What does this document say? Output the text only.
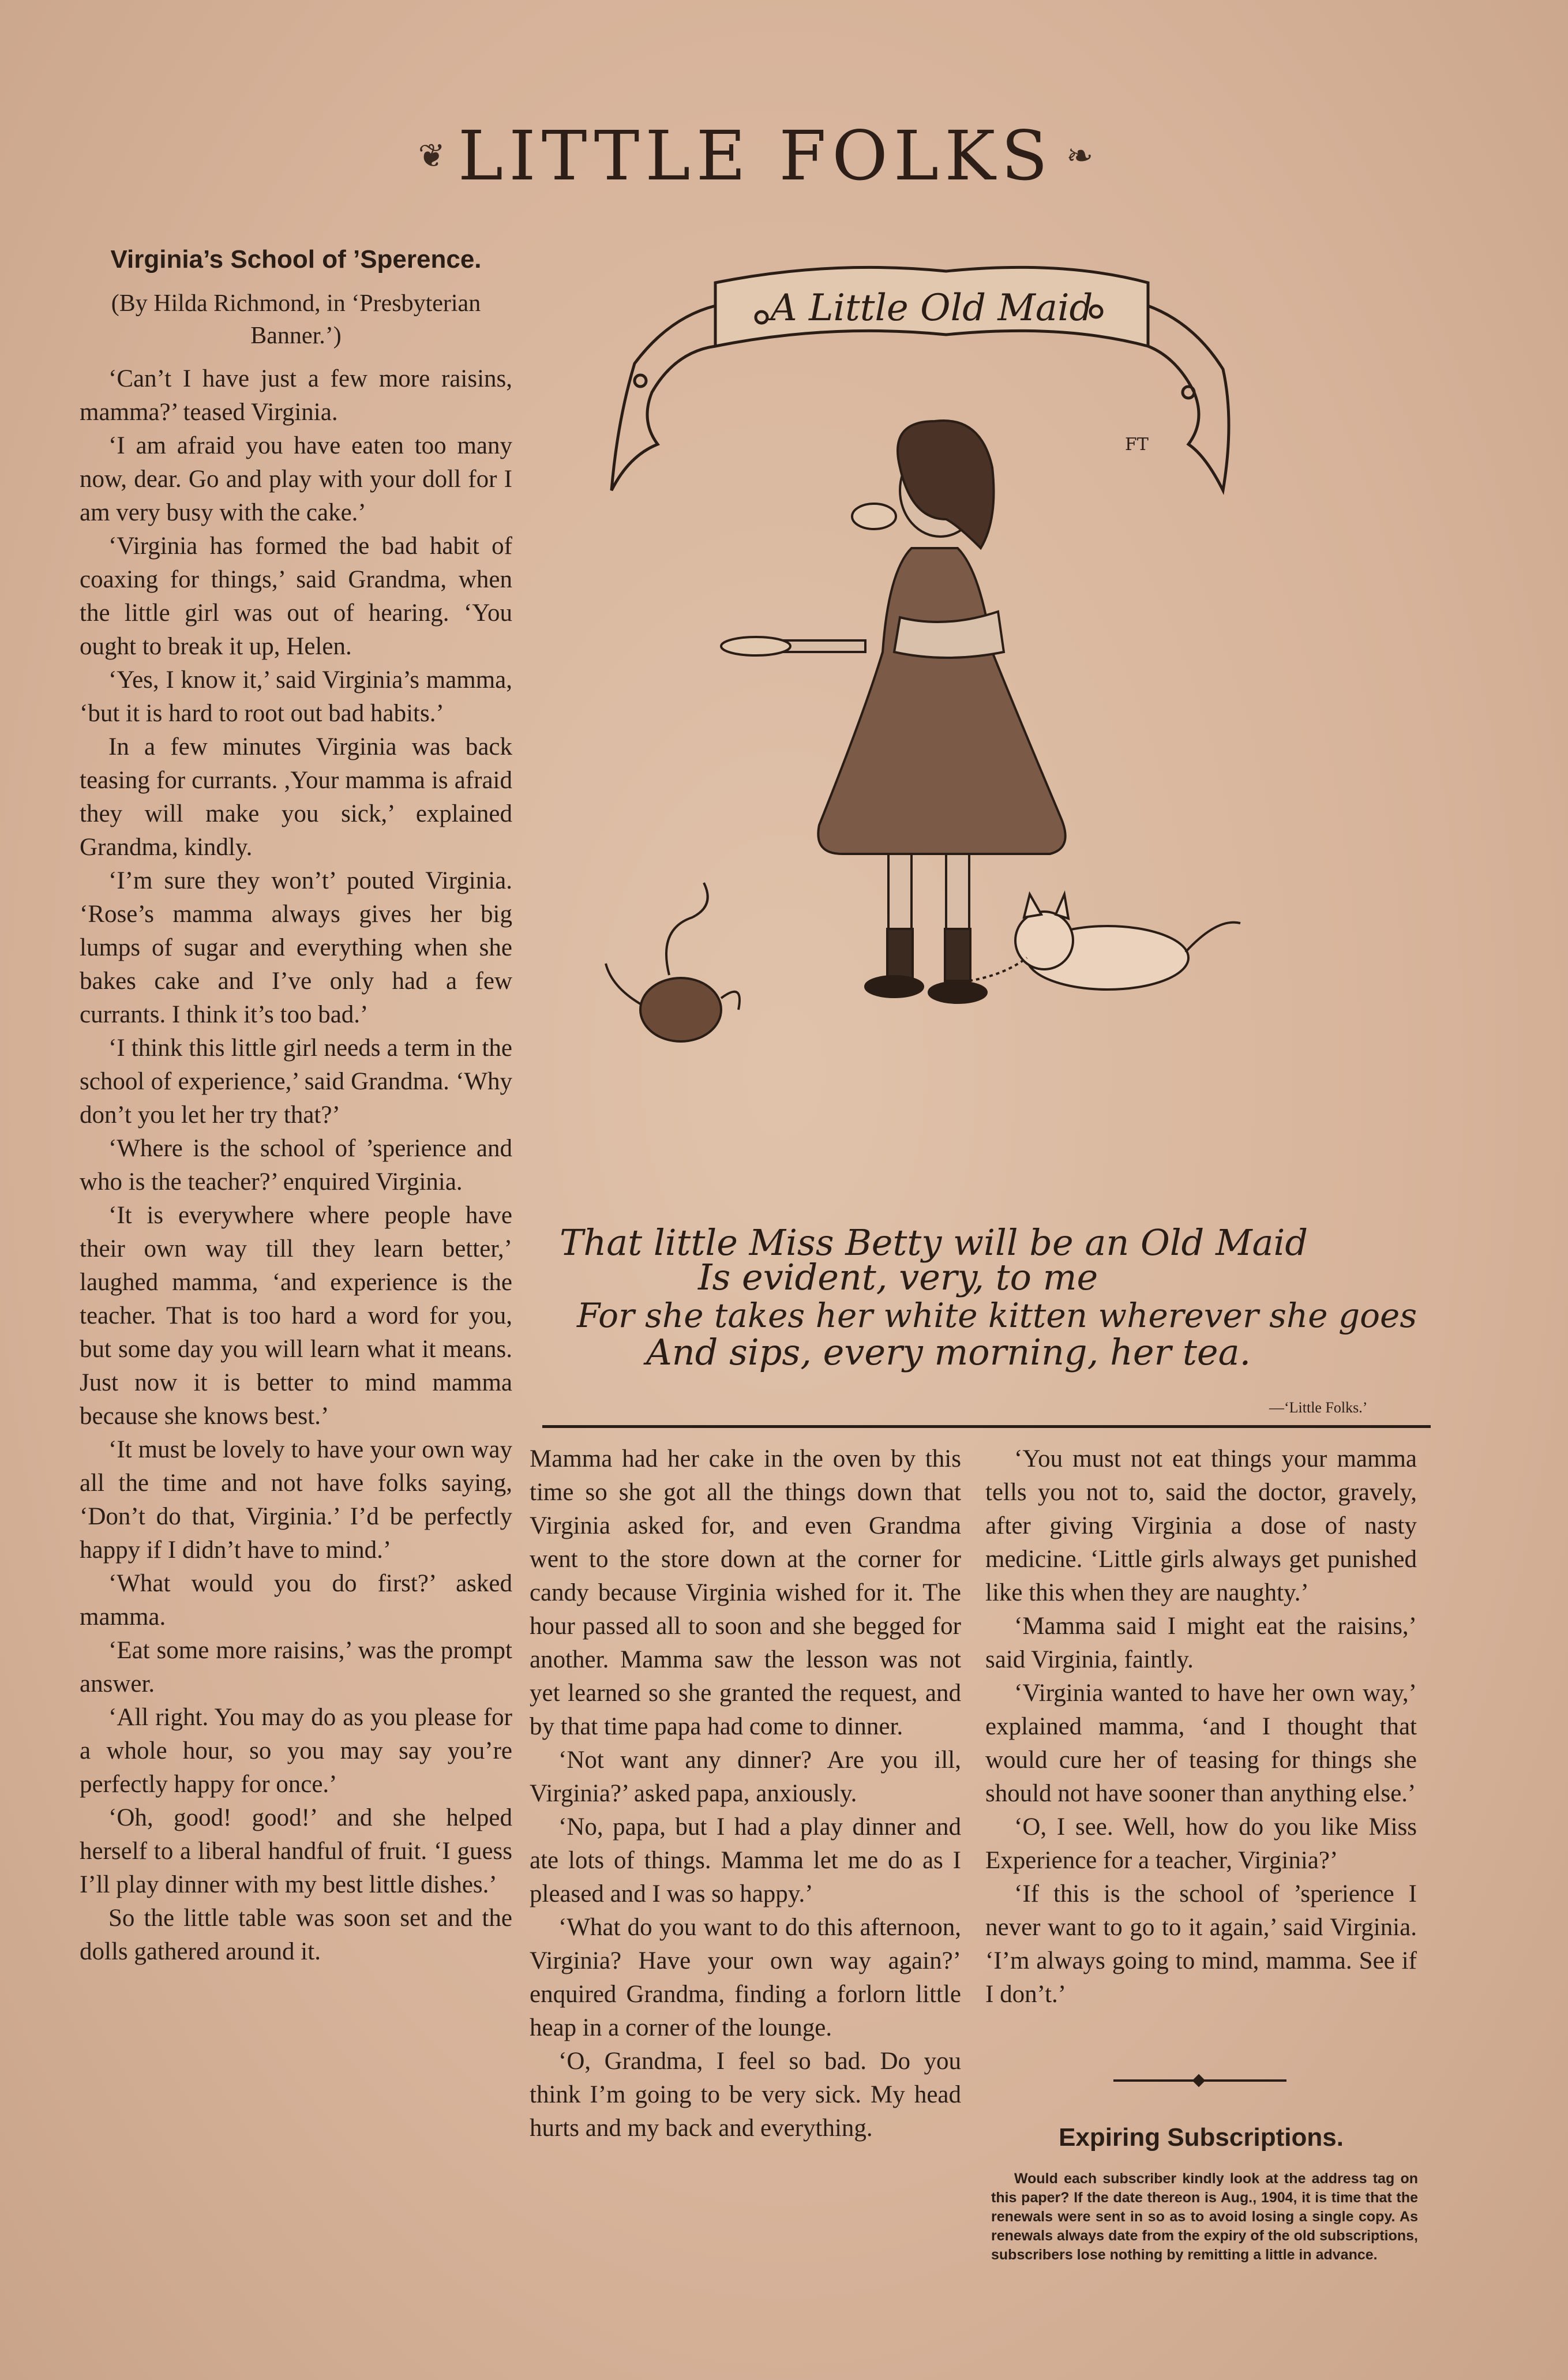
❦ LITTLE FOLKS ❧
Virginia’s School of ’Sperence.
(By Hilda Richmond, in ‘Presbyterian Banner.’)

‘Can’t I have just a few more raisins, mamma?’ teased Virginia.

‘I am afraid you have eaten too many now, dear. Go and play with your doll for I am very busy with the cake.’

‘Virginia has formed the bad habit of coaxing for things,’ said Grandma, when the little girl was out of hearing. ‘You ought to break it up, Helen.

‘Yes, I know it,’ said Virginia’s mamma, ‘but it is hard to root out bad habits.’

In a few minutes Virginia was back teasing for currants. ,Your mamma is afraid they will make you sick,’ explained Grandma, kindly.

‘I’m sure they won’t’ pouted Virginia. ‘Rose’s mamma always gives her big lumps of sugar and everything when she bakes cake and I’ve only had a few currants. I think it’s too bad.’

‘I think this little girl needs a term in the school of experience,’ said Grandma. ‘Why don’t you let her try that?’

‘Where is the school of ’sperience and who is the teacher?’ enquired Virginia.

‘It is everywhere where people have their own way till they learn better,’ laughed mamma, ‘and experience is the teacher. That is too hard a word for you, but some day you will learn what it means. Just now it is better to mind mamma because she knows best.’

‘It must be lovely to have your own way all the time and not have folks saying, ‘Don’t do that, Virginia.’ I’d be perfectly happy if I didn’t have to mind.’

‘What would you do first?’ asked mamma.

‘Eat some more raisins,’ was the prompt answer.

‘All right. You may do as you please for a whole hour, so you may say you’re perfectly happy for once.’

‘Oh, good! good!’ and she helped herself to a liberal handful of fruit. ‘I guess I’ll play dinner with my best little dishes.’

So the little table was soon set and the dolls gathered around it.

A Little Old Maid
FT
That little Miss Betty will be an Old Maid
Is evident, very, to me
For she takes her white kitten wherever she goes
And sips, every morning, her tea.
—‘Little Folks.’

Mamma had her cake in the oven by this time so she got all the things down that Virginia asked for, and even Grandma went to the store down at the corner for candy because Virginia wished for it. The hour passed all to soon and she begged for another. Mamma saw the lesson was not yet learned so she granted the request, and by that time papa had come to dinner.

‘Not want any dinner? Are you ill, Virginia?’ asked papa, anxiously.

‘No, papa, but I had a play dinner and ate lots of things. Mamma let me do as I pleased and I was so happy.’

‘What do you want to do this afternoon, Virginia? Have your own way again?’ enquired Grandma, finding a forlorn little heap in a corner of the lounge.

‘O, Grandma, I feel so bad. Do you think I’m going to be very sick. My head hurts and my back and everything.

‘You must not eat things your mamma tells you not to, said the doctor, gravely, after giving Virginia a dose of nasty medicine. ‘Little girls always get punished like this when they are naughty.’

‘Mamma said I might eat the raisins,’ said Virginia, faintly.

‘Virginia wanted to have her own way,’ explained mamma, ‘and I thought that would cure her of teasing for things she should not have sooner than anything else.’

‘O, I see. Well, how do you like Miss Experience for a teacher, Virginia?’

‘If this is the school of ’sperience I never want to go to it again,’ said Virginia. ‘I’m always going to mind, mamma. See if I don’t.’

Expiring Subscriptions.
Would each subscriber kindly look at the address tag on this paper? If the date thereon is Aug., 1904, it is time that the renewals were sent in so as to avoid losing a single copy. As renewals always date from the expiry of the old subscriptions, subscribers lose nothing by remitting a little in advance.
